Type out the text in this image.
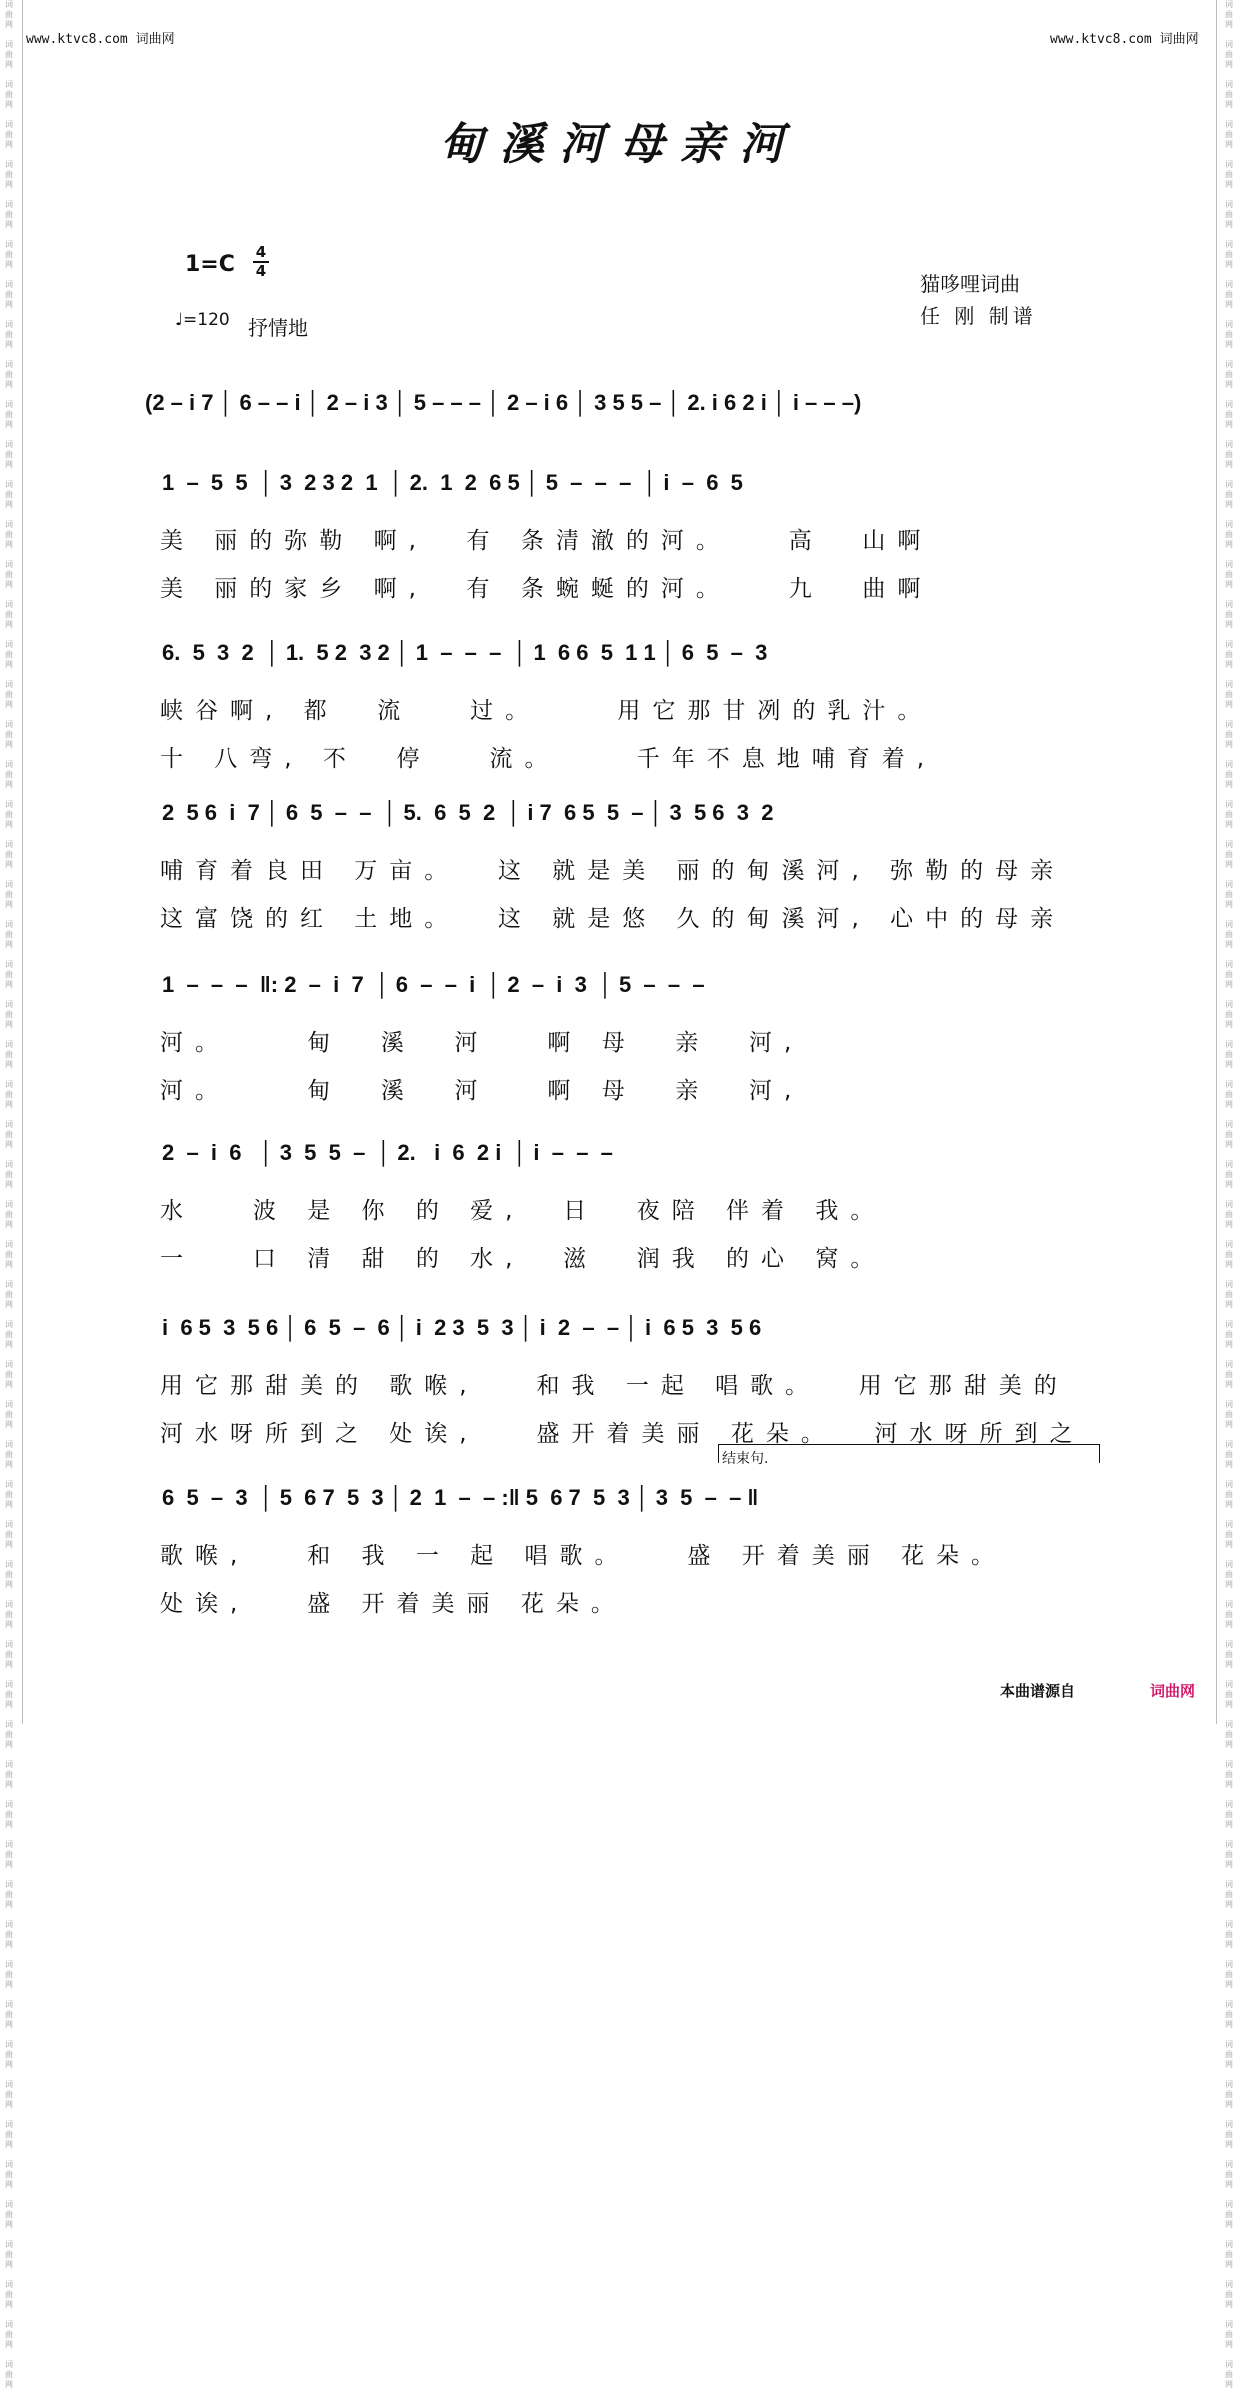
词
曲
网

词
曲
网

词
曲
网

词
曲
网

词
曲
网

词
曲
网

词
曲
网

词
曲
网

词
曲
网

词
曲
网

词
曲
网

词
曲
网

词
曲
网

词
曲
网

词
曲
网

词
曲
网

词
曲
网

词
曲
网

词
曲
网

词
曲
网

词
曲
网

词
曲
网

词
曲
网

词
曲
网

词
曲
网

词
曲
网

词
曲
网

词
曲
网

词
曲
网

词
曲
网

词
曲
网

词
曲
网

词
曲
网

词
曲
网

词
曲
网

词
曲
网

词
曲
网

词
曲
网

词
曲
网

词
曲
网

词
曲
网

词
曲
网

词
曲
网

词
曲
网

词
曲
网

词
曲
网

词
曲
网

词
曲
网

词
曲
网

词
曲
网

词
曲
网

词
曲
网

词
曲
网

词
曲
网

词
曲
网

词
曲
网

词
曲
网

词
曲
网

词
曲
网

词
曲
网
词
曲
网

词
曲
网

词
曲
网

词
曲
网

词
曲
网

词
曲
网

词
曲
网

词
曲
网

词
曲
网

词
曲
网

词
曲
网

词
曲
网

词
曲
网

词
曲
网

词
曲
网

词
曲
网

词
曲
网

词
曲
网

词
曲
网

词
曲
网

词
曲
网

词
曲
网

词
曲
网

词
曲
网

词
曲
网

词
曲
网

词
曲
网

词
曲
网

词
曲
网

词
曲
网

词
曲
网

词
曲
网

词
曲
网

词
曲
网

词
曲
网

词
曲
网

词
曲
网

词
曲
网

词
曲
网

词
曲
网

词
曲
网

词
曲
网

词
曲
网

词
曲
网

词
曲
网

词
曲
网

词
曲
网

词
曲
网

词
曲
网

词
曲
网

词
曲
网

词
曲
网

词
曲
网

词
曲
网

词
曲
网

词
曲
网

词
曲
网

词
曲
网

词
曲
网

词
曲
网
www.ktvc8.com 词曲网	www.ktvc8.com 词曲网
甸溪河母亲河
1=C 4
4
♩=120 抒情地
猫哆哩词曲
任 刚 制谱
(2 – i 7 │ 6 – – i │ 2 – i 3 │ 5 – – – │ 2 – i 6 │ 3 5 5 – │ 2. i 6 2 i │ i – – –)
1  –  5  5  │ 3  2 3 2  1  │ 2.  1  2  6 5 │ 5  –  –  –  │ i  –  6  5
美 丽的弥勒 啊,  有 条清澈的河。   高  山啊
美 丽的家乡 啊,  有 条蜿蜒的河。   九  曲啊
6.  5  3  2  │ 1.  5 2  3 2 │ 1  –  –  –  │ 1  6 6  5  1 1 │ 6  5  –  3
峡谷啊, 都  流   过。    用它那甘冽的乳汁。
十 八弯, 不  停   流。    千年不息地哺育着,
2  5 6  i  7 │ 6  5  –  –  │ 5.  6  5  2  │ i 7  6 5  5  – │ 3  5 6  3  2
哺育着良田 万亩。  这 就是美 丽的甸溪河, 弥勒的母亲
这富饶的红 土地。  这 就是悠 久的甸溪河, 心中的母亲
1  –  –  –  ‖: 2  –  i  7  │ 6  –  –  i  │ 2  –  i  3  │ 5  –  –  –
河。    甸  溪  河   啊 母  亲  河,
河。    甸  溪  河   啊 母  亲  河,
2  –  i  6   │ 3  5  5  –  │ 2.   i  6  2 i  │ i  –  –  –
水   波 是 你 的 爱,  日  夜陪 伴着 我。
一   口 清 甜 的 水,  滋  润我 的心 窝。
i  6 5  3  5 6 │ 6  5  –  6 │ i  2 3  5  3 │ i  2  –  – │ i  6 5  3  5 6
用它那甜美的 歌喉,   和我 一起 唱歌。  用它那甜美的
河水呀所到之 处诶,   盛开着美丽 花朵。  河水呀所到之
6  5  –  3  │ 5  6 7  5  3 │ 2  1  –  – :‖ 5  6 7  5  3 │ 3  5  –  – ‖
歌喉,   和 我 一 起 唱歌。   盛 开着美丽 花朵。
处诶,   盛 开着美丽 花朵。
结束句.
本曲谱源自	词曲网
